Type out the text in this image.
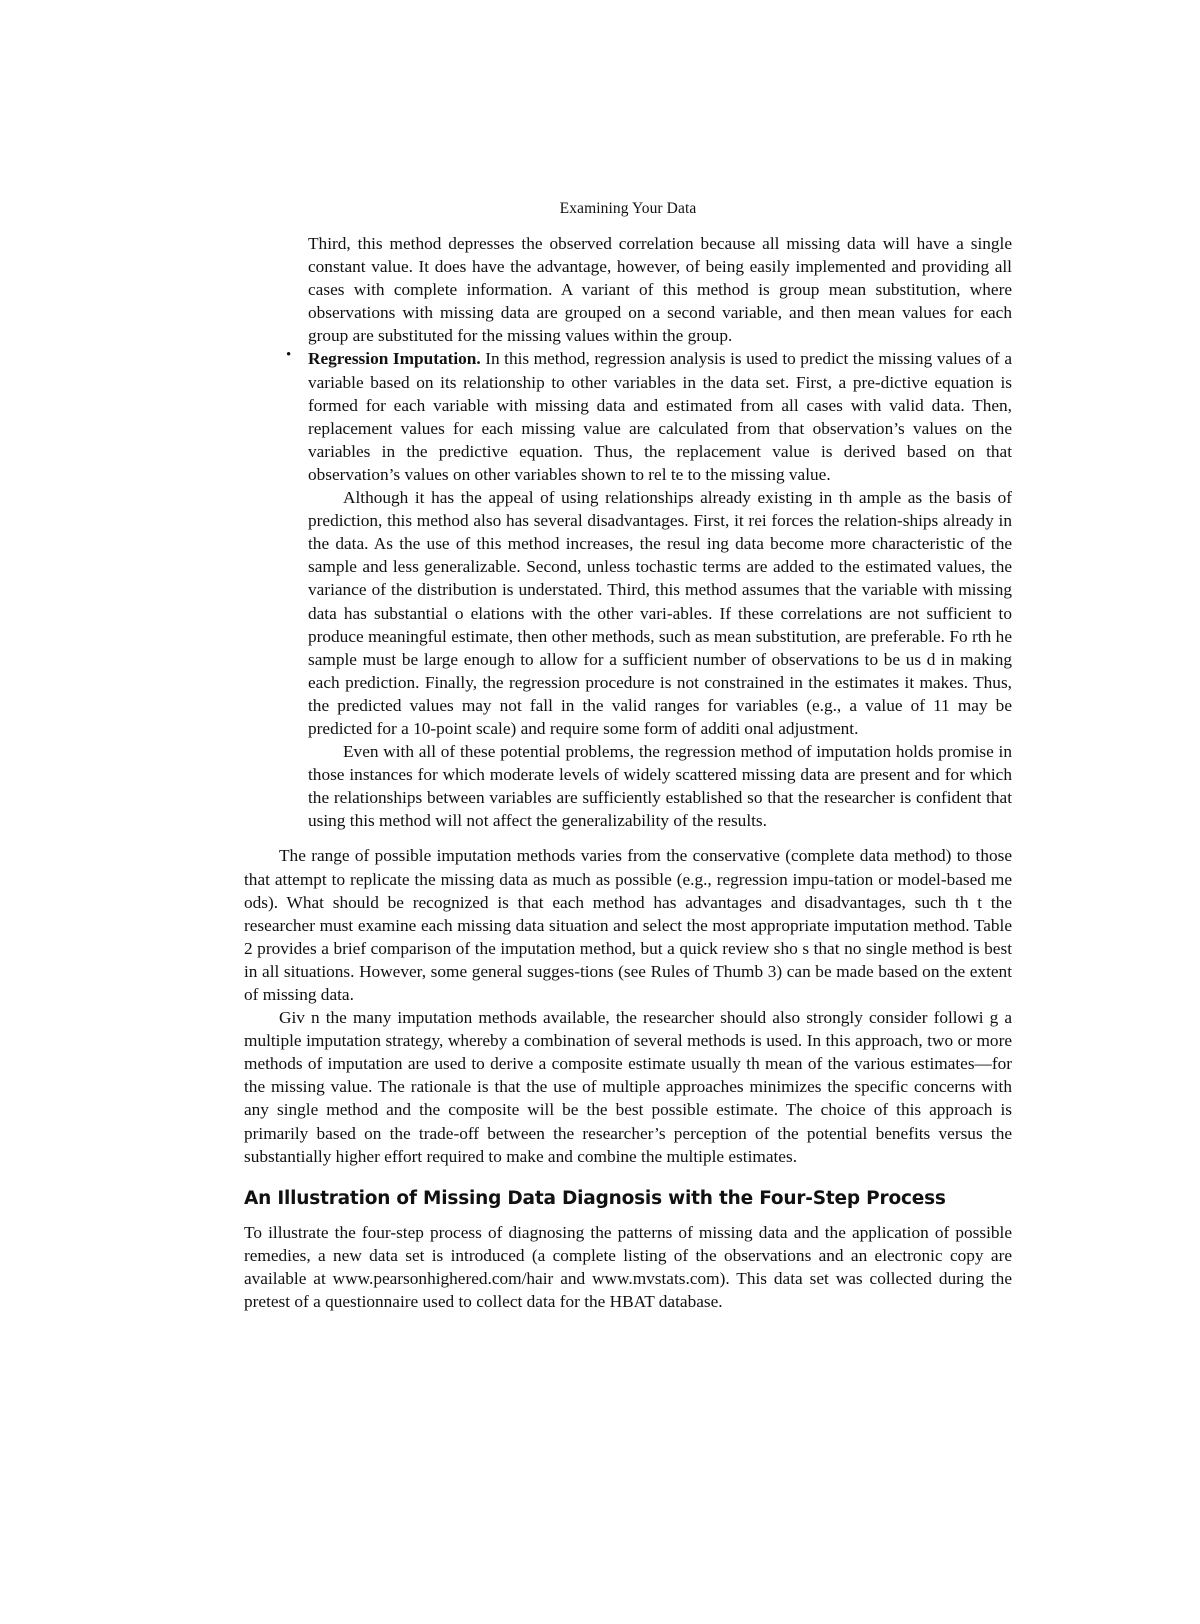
Examining Your Data

Third, this method depresses the observed correlation because all missing data will have a single constant value. It does have the advantage, however, of being easily implemented and providing all cases with complete information. A variant of this method is group mean substitution, where observations with missing data are grouped on a second variable, and then mean values for each group are substituted for the missing values within the group.

• Regression Imputation. In this method, regression analysis is used to predict the missing values of a variable based on its relationship to other variables in the data set. First, a pre-dictive equation is formed for each variable with missing data and estimated from all cases with valid data. Then, replacement values for each missing value are calculated from that observation’s values on the variables in the predictive equation. Thus, the replacement value is derived based on that observation’s values on other variables shown to rel te to the missing value.

Although it has the appeal of using relationships already existing in th ample as the basis of prediction, this method also has several disadvantages. First, it rei forces the relation-ships already in the data. As the use of this method increases, the resul ing data become more characteristic of the sample and less generalizable. Second, unless tochastic terms are added to the estimated values, the variance of the distribution is understated. Third, this method assumes that the variable with missing data has substantial o elations with the other vari-ables. If these correlations are not sufficient to produce meaningful estimate, then other methods, such as mean substitution, are preferable. Fo rth he sample must be large enough to allow for a sufficient number of observations to be us d in making each prediction. Finally, the regression procedure is not constrained in the estimates it makes. Thus, the predicted values may not fall in the valid ranges for variables (e.g., a value of 11 may be predicted for a 10-point scale) and require some form of additi onal adjustment.

Even with all of these potential problems, the regression method of imputation holds promise in those instances for which moderate levels of widely scattered missing data are present and for which the relationships between variables are sufficiently established so that the researcher is confident that using this method will not affect the generalizability of the results.

The range of possible imputation methods varies from the conservative (complete data method) to those that attempt to replicate the missing data as much as possible (e.g., regression impu-tation or model-based me ods). What should be recognized is that each method has advantages and disadvantages, such th t the researcher must examine each missing data situation and select the most appropriate imputation method. Table 2 provides a brief comparison of the imputation method, but a quick review sho s that no single method is best in all situations. However, some general sugges-tions (see Rules of Thumb 3) can be made based on the extent of missing data.

Giv n the many imputation methods available, the researcher should also strongly consider followi g a multiple imputation strategy, whereby a combination of several methods is used. In this approach, two or more methods of imputation are used to derive a composite estimate usually th mean of the various estimates—for the missing value. The rationale is that the use of multiple approaches minimizes the specific concerns with any single method and the composite will be the best possible estimate. The choice of this approach is primarily based on the trade-off between the researcher’s perception of the potential benefits versus the substantially higher effort required to make and combine the multiple estimates.

An Illustration of Missing Data Diagnosis with the Four-Step Process

To illustrate the four-step process of diagnosing the patterns of missing data and the application of possible remedies, a new data set is introduced (a complete listing of the observations and an electronic copy are available at www.pearsonhighered.com/hair and www.mvstats.com). This data set was collected during the pretest of a questionnaire used to collect data for the HBAT database.
